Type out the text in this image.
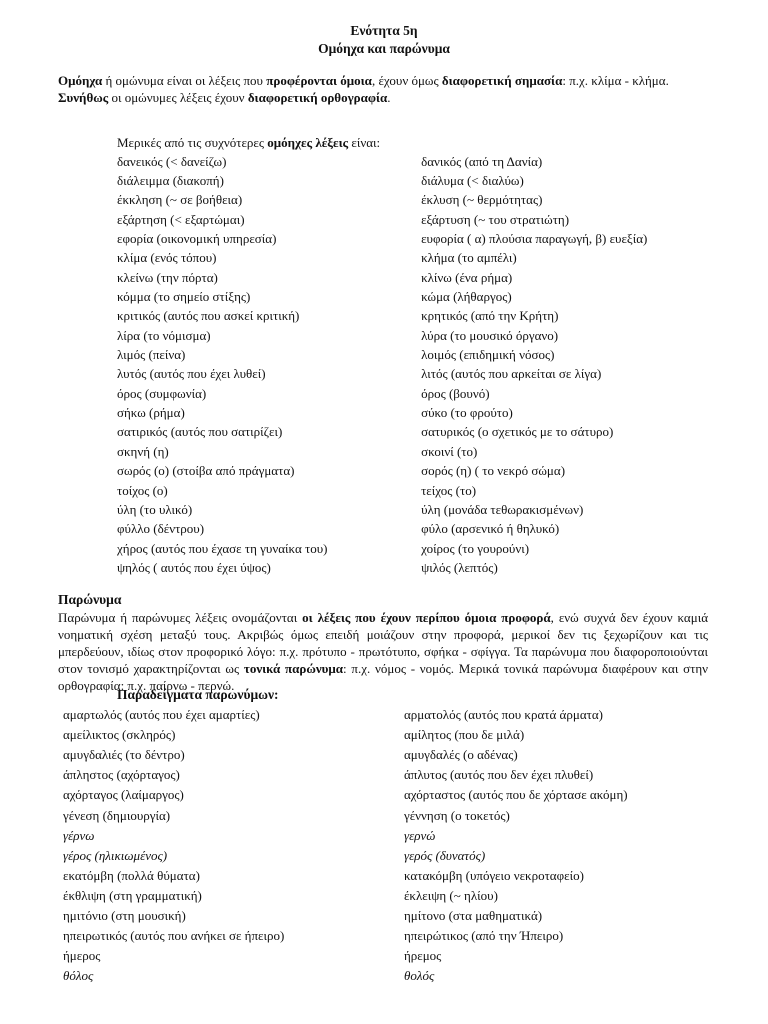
Ενότητα 5η
Ομόηχα και παρώνυμα

Ομόηχα ή ομώνυμα είναι οι λέξεις που προφέρονται όμοια, έχουν όμως διαφορετική σημασία: π.χ. κλίμα - κλήμα.

Συνήθως οι ομώνυμες λέξεις έχουν διαφορετική ορθογραφία.

Μερικές από τις συχνότερες ομόηχες λέξεις είναι:
δανεικός (< δανείζω)	δανικός (από τη Δανία)
διάλειμμα (διακοπή)	διάλυμα (< διαλύω)
έκκληση (~ σε βοήθεια)	έκλυση (~ θερμότητας)
εξάρτηση (< εξαρτώμαι)	εξάρτυση (~ του στρατιώτη)
εφορία (οικονομική υπηρεσία)	ευφορία ( α) πλούσια παραγωγή, β) ευεξία)
κλίμα (ενός τόπου)	κλήμα (το αμπέλι)
κλείνω (την πόρτα)	κλίνω (ένα ρήμα)
κόμμα (το σημείο στίξης)	κώμα (λήθαργος)
κριτικός (αυτός που ασκεί κριτική)	κρητικός (από την Κρήτη)
λίρα (το νόμισμα)	λύρα (το μουσικό όργανο)
λιμός (πείνα)	λοιμός (επιδημική νόσος)
λυτός (αυτός που έχει λυθεί)	λιτός (αυτός που αρκείται σε λίγα)
όρος (συμφωνία)	όρος (βουνό)
σήκω (ρήμα)	σύκο (το φρούτο)
σατιρικός (αυτός που σατιρίζει)	σατυρικός (ο σχετικός με το σάτυρο)
σκηνή (η)	σκοινί (το)
σωρός (ο) (στοίβα από πράγματα)	σορός (η) ( το νεκρό σώμα)
τοίχος (ο)	τείχος (το)
ύλη (το υλικό)	ύλη (μονάδα τεθωρακισμένων)
φύλλο (δέντρου)	φύλο (αρσενικό ή θηλυκό)
χήρος (αυτός που έχασε τη γυναίκα του)	χοίρος (το γουρούνι)
ψηλός ( αυτός που έχει ύψος)	ψιλός (λεπτός)
Παρώνυμα

Παρώνυμα ή παρώνυμες λέξεις ονομάζονται οι λέξεις που έχουν περίπου όμοια προφορά, ενώ συχνά δεν έχουν καμιά νοηματική σχέση μεταξύ τους. Ακριβώς όμως επειδή μοιάζουν στην προφορά, μερικοί δεν τις ξεχωρίζουν και τις μπερδεύουν, ιδίως στον προφορικό λόγο: π.χ. πρότυπο - πρωτότυπο, σφήκα - σφίγγα. Τα παρώνυμα που διαφοροποιούνται στον τονισμό χαρακτηρίζονται ως τονικά παρώνυμα: π.χ. νόμος - νομός. Μερικά τονικά παρώνυμα διαφέρουν και στην ορθογραφία: π.χ. παίρνω - περνώ.

Παραδείγματα παρωνύμων:
αμαρτωλός (αυτός που έχει αμαρτίες)	αρματολός (αυτός που κρατά άρματα)
αμείλικτος (σκληρός)	αμίλητος (που δε μιλά)
αμυγδαλιές (το δέντρο)	αμυγδαλές (ο αδένας)
άπληστος (αχόρταγος)	άπλυτος (αυτός που δεν έχει πλυθεί)
αχόρταγος (λαίμαργος)	αχόρταστος (αυτός που δε χόρτασε ακόμη)
γένεση (δημιουργία)	γέννηση (ο τοκετός)
γέρνω	γερνώ
γέρος (ηλικιωμένος)	γερός (δυνατός)
εκατόμβη (πολλά θύματα)	κατακόμβη (υπόγειο νεκροταφείο)
έκθλιψη (στη γραμματική)	έκλειψη (~ ηλίου)
ημιτόνιο (στη μουσική)	ημίτονο (στα μαθηματικά)
ηπειρωτικός (αυτός που ανήκει σε ήπειρο)	ηπειρώτικος (από την Ήπειρο)
ήμερος	ήρεμος
θόλος	θολός
